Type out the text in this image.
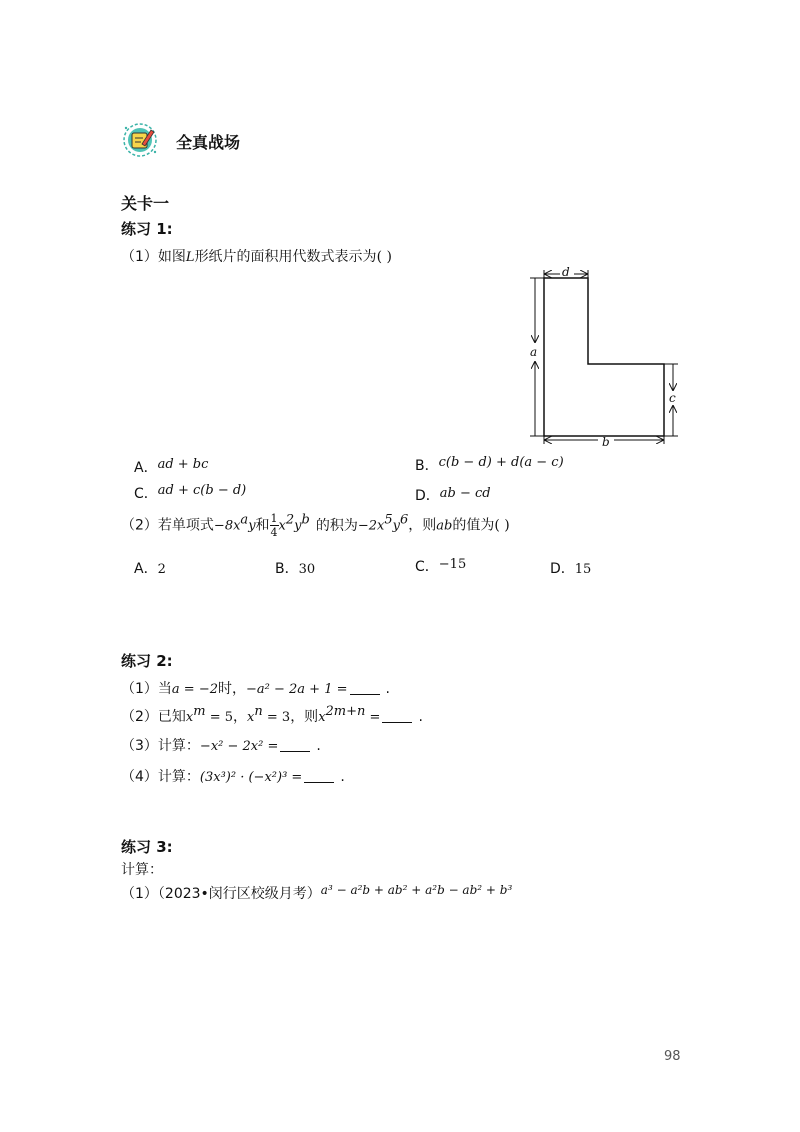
全真战场
关卡一
练习 1:
（1）如图L形纸片的面积用代数式表示为( )
d
a
c
b
A．ad + bc	B．c(b − d) + d(a − c)
C．ad + c(b − d)	D．ab − cd
（2）若单项式$-8x^ay$和 $\frac{1}{4} x^2y^b$ 的积为$-2x^5y^6$，则ab的值为( )
A．2	B．30	C．−15	D．15
练习 2:
（1）当a = −2时，−a² − 2a + 1 =	.
（2）已知$x^m = 5$，$x^n = 3$，则$x^{2m+n}$ =	.
（3）计算：−x² − 2x² =	.
（4）计算：(3x³)² · (−x²)³ =	.
练习 3:
计算：
（1）（2023•闵行区校级月考）a³ − a²b + ab² + a²b − ab² + b³
98
